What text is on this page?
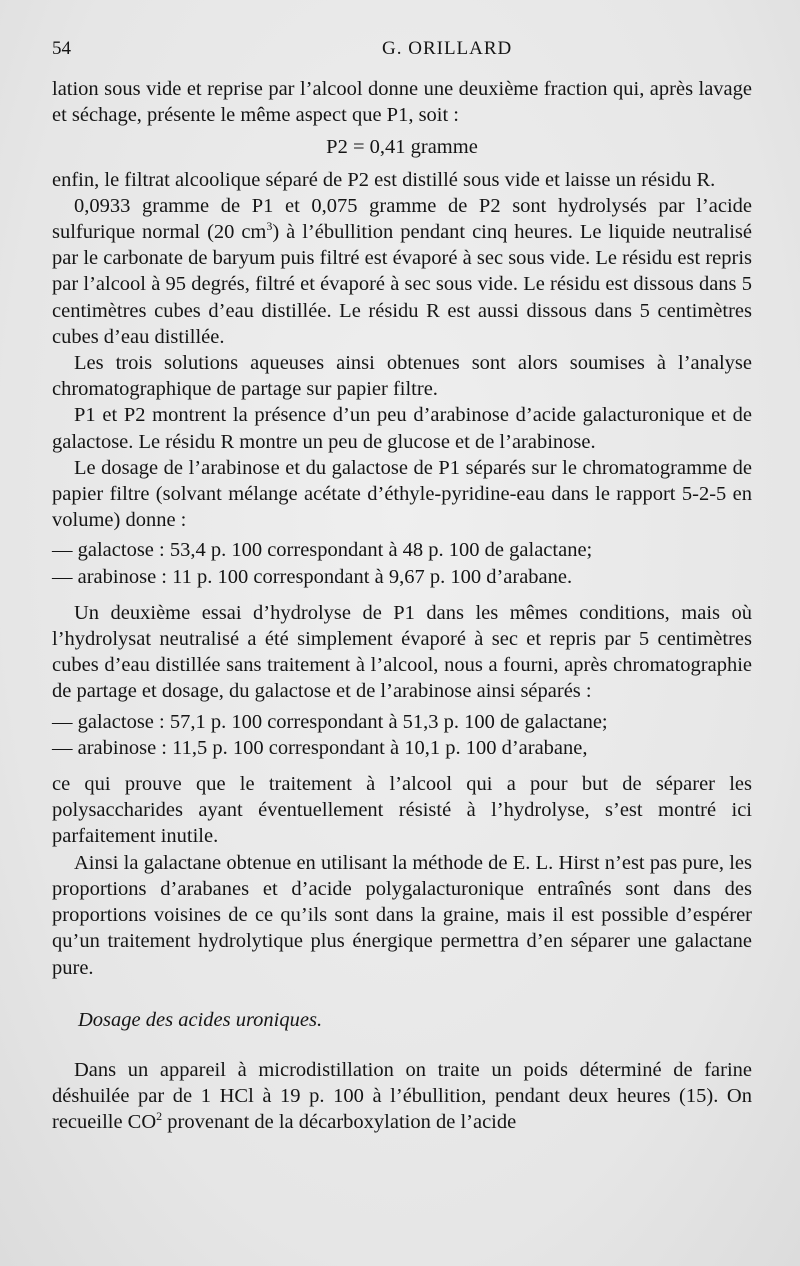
54	G. ORILLARD

lation sous vide et reprise par l’alcool donne une deuxième fraction qui, après lavage et séchage, présente le même aspect que P1, soit :

P2 = 0,41 gramme

enfin, le filtrat alcoolique séparé de P2 est distillé sous vide et laisse un résidu R.

0,0933 gramme de P1 et 0,075 gramme de P2 sont hydrolysés par l’acide sulfurique normal (20 $cm^3$) à l’ébullition pendant cinq heures. Le liquide neutralisé par le carbonate de baryum puis filtré est évaporé à sec sous vide. Le résidu est repris par l’alcool à 95 degrés, filtré et évaporé à sec sous vide. Le résidu est dissous dans 5 centimètres cubes d’eau distillée. Le résidu R est aussi dissous dans 5 centimètres cubes d’eau distillée.

Les trois solutions aqueuses ainsi obtenues sont alors soumises à l’analyse chromatographique de partage sur papier filtre.

P1 et P2 montrent la présence d’un peu d’arabinose d’acide galacturonique et de galactose. Le résidu R montre un peu de glucose et de l’arabinose.

Le dosage de l’arabinose et du galactose de P1 séparés sur le chromatogramme de papier filtre (solvant mélange acétate d’éthyle-pyridine-eau dans le rapport 5-2-5 en volume) donne :

— galactose : 53,4 p. 100 correspondant à 48 p. 100 de galactane;

— arabinose : 11 p. 100 correspondant à 9,67 p. 100 d’arabane.

Un deuxième essai d’hydrolyse de P1 dans les mêmes conditions, mais où l’hydrolysat neutralisé a été simplement évaporé à sec et repris par 5 centimètres cubes d’eau distillée sans traitement à l’alcool, nous a fourni, après chromatographie de partage et dosage, du galactose et de l’arabinose ainsi séparés :

— galactose : 57,1 p. 100 correspondant à 51,3 p. 100 de galactane;

— arabinose : 11,5 p. 100 correspondant à 10,1 p. 100 d’arabane,

ce qui prouve que le traitement à l’alcool qui a pour but de séparer les polysaccharides ayant éventuellement résisté à l’hydrolyse, s’est montré ici parfaitement inutile.

Ainsi la galactane obtenue en utilisant la méthode de E. L. Hirst n’est pas pure, les proportions d’arabanes et d’acide polygalacturonique entraînés sont dans des proportions voisines de ce qu’ils sont dans la graine, mais il est possible d’espérer qu’un traitement hydrolytique plus énergique permettra d’en séparer une galactane pure.

Dosage des acides uroniques.

Dans un appareil à microdistillation on traite un poids déterminé de farine déshuilée par de 1 HCl à 19 p. 100 à l’ébullition, pendant deux heures (15). On recueille $CO^2$ provenant de la décarboxylation de l’acide
